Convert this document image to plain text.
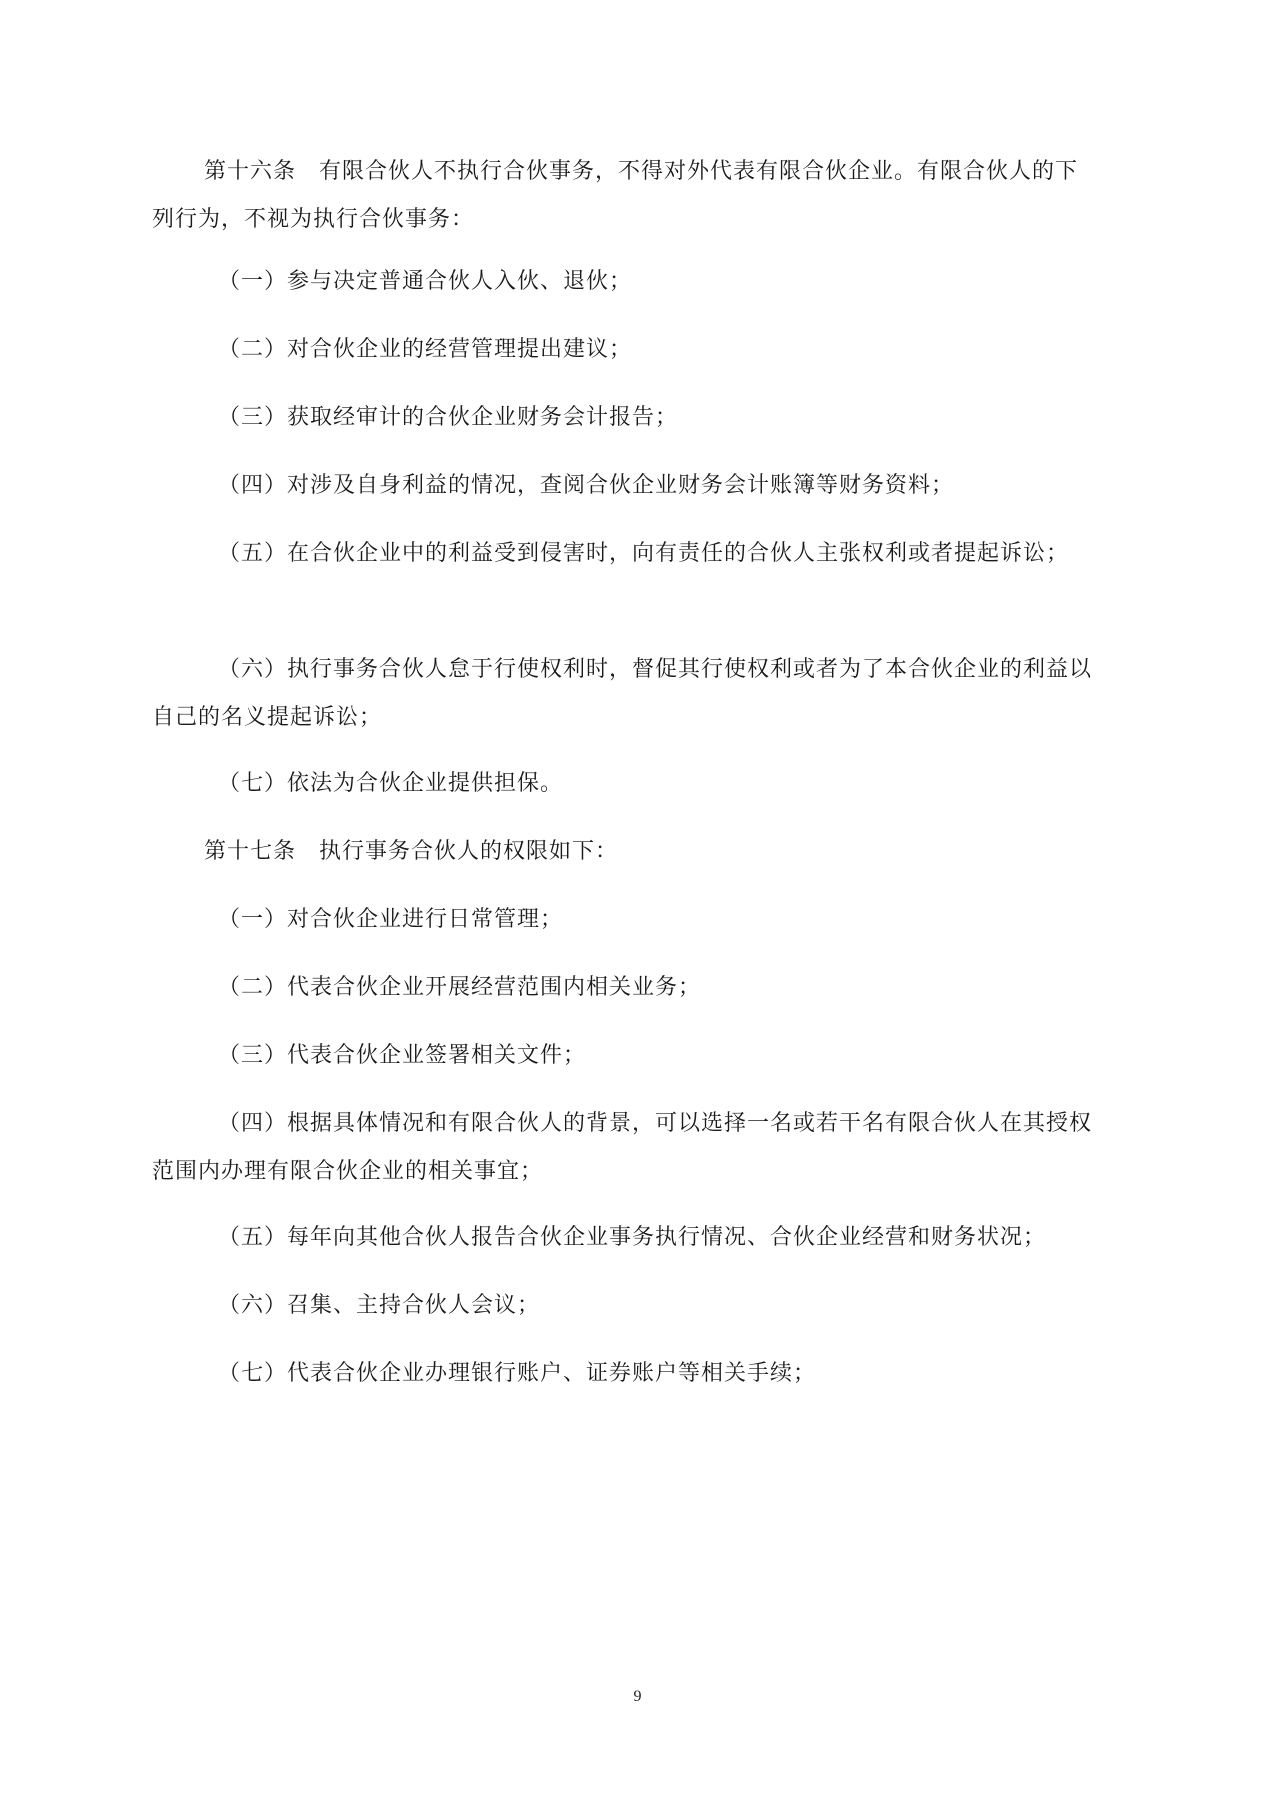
第十六条　有限合伙人不执行合伙事务，不得对外代表有限合伙企业。有限合伙人的下列行为，不视为执行合伙事务：

（一）参与决定普通合伙人入伙、退伙；

（二）对合伙企业的经营管理提出建议；

（三）获取经审计的合伙企业财务会计报告；

（四）对涉及自身利益的情况，查阅合伙企业财务会计账簿等财务资料；

（五）在合伙企业中的利益受到侵害时，向有责任的合伙人主张权利或者提起诉讼；

（六）执行事务合伙人怠于行使权利时，督促其行使权利或者为了本合伙企业的利益以自己的名义提起诉讼；

（七）依法为合伙企业提供担保。

第十七条　执行事务合伙人的权限如下：

（一）对合伙企业进行日常管理；

（二）代表合伙企业开展经营范围内相关业务；

（三）代表合伙企业签署相关文件；

（四）根据具体情况和有限合伙人的背景，可以选择一名或若干名有限合伙人在其授权范围内办理有限合伙企业的相关事宜；

（五）每年向其他合伙人报告合伙企业事务执行情况、合伙企业经营和财务状况；

（六）召集、主持合伙人会议；

（七）代表合伙企业办理银行账户、证券账户等相关手续；

9
